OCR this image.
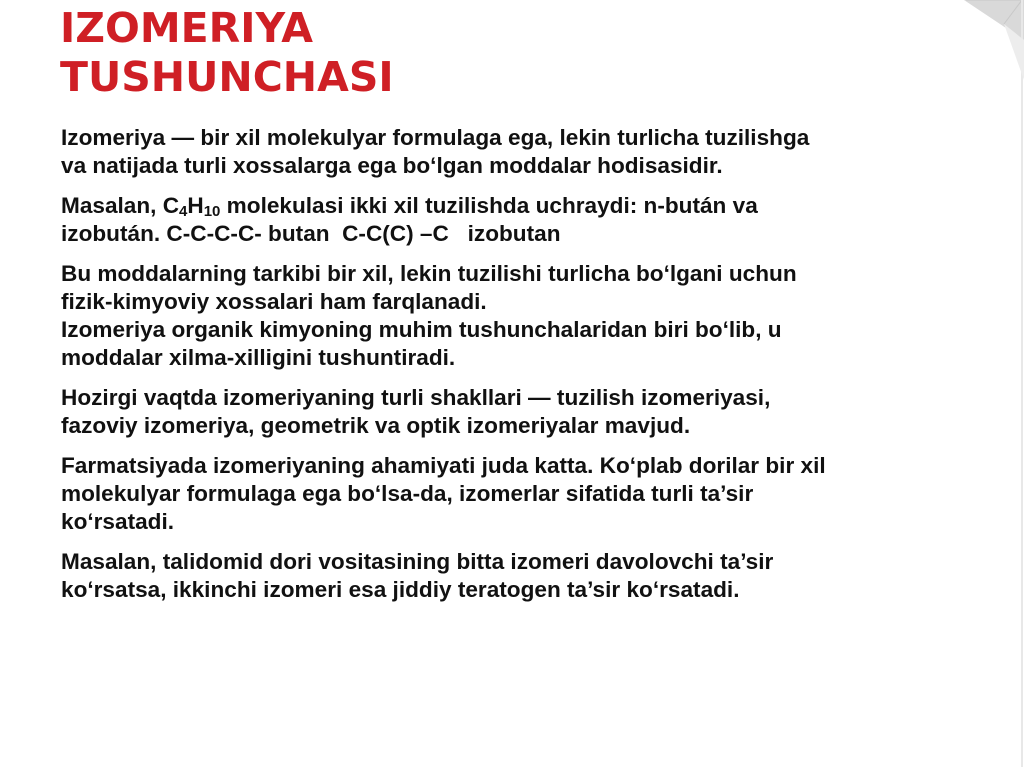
IZOMERIYA
TUSHUNCHASI

Izomeriya — bir xil molekulyar formulaga ega, lekin turlicha tuzilishga
va natijada turli xossalarga ega bo‘lgan moddalar hodisasidir.

Masalan, $C_4H_{10}$ molekulasi ikki xil tuzilishda uchraydi: n-bután va
izobután. C-C-C-C- butan  C-C(C) –C   izobutan

Bu moddalarning tarkibi bir xil, lekin tuzilishi turlicha bo‘lgani uchun
fizik-kimyoviy xossalari ham farqlanadi.
Izomeriya organik kimyoning muhim tushunchalaridan biri bo‘lib, u
moddalar xilma-xilligini tushuntiradi.

Hozirgi vaqtda izomeriyaning turli shakllari — tuzilish izomeriyasi,
fazoviy izomeriya, geometrik va optik izomeriyalar mavjud.

Farmatsiyada izomeriyaning ahamiyati juda katta. Ko‘plab dorilar bir xil
molekulyar formulaga ega bo‘lsa-da, izomerlar sifatida turli ta’sir
ko‘rsatadi.

Masalan, talidomid dori vositasining bitta izomeri davolovchi ta’sir
ko‘rsatsa, ikkinchi izomeri esa jiddiy teratogen ta’sir ko‘rsatadi.
